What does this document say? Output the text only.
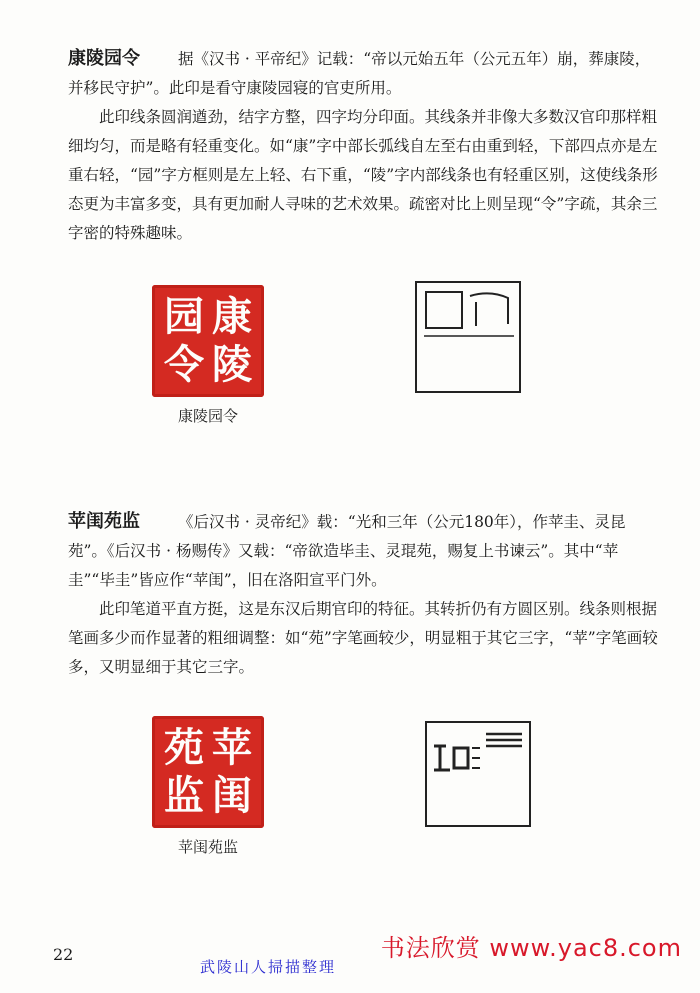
康陵园令 据《汉书 · 平帝纪》记载：“帝以元始五年（公元五年）崩，葬康陵，并移民守护”。此印是看守康陵园寝的官吏所用。

此印线条圆润遒劲，结字方整，四字均分印面。其线条并非像大多数汉官印那样粗细均匀，而是略有轻重变化。如“康”字中部长弧线自左至右由重到轻，下部四点亦是左重右轻，“园”字方框则是左上轻、右下重，“陵”字内部线条也有轻重区别，这使线条形态更为丰富多变，具有更加耐人寻味的艺术效果。疏密对比上则呈现“令”字疏，其余三字密的特殊趣味。

康
陵
园
令
康陵园令

苹闺苑监 《后汉书 · 灵帝纪》载：“光和三年（公元180年），作苹圭、灵昆苑”。《后汉书 · 杨赐传》又载：“帝欲造毕圭、灵琨苑，赐复上书谏云”。其中“苹圭”“毕圭”皆应作“苹闺”，旧在洛阳宣平门外。

此印笔道平直方挺，这是东汉后期官印的特征。其转折仍有方圆区别。线条则根据笔画多少而作显著的粗细调整：如“苑”字笔画较少，明显粗于其它三字，“苹”字笔画较多，又明显细于其它三字。

苹
闺
苑
监
苹闺苑监
22
武陵山人掃描整理
书法欣赏 www.yac8.com
